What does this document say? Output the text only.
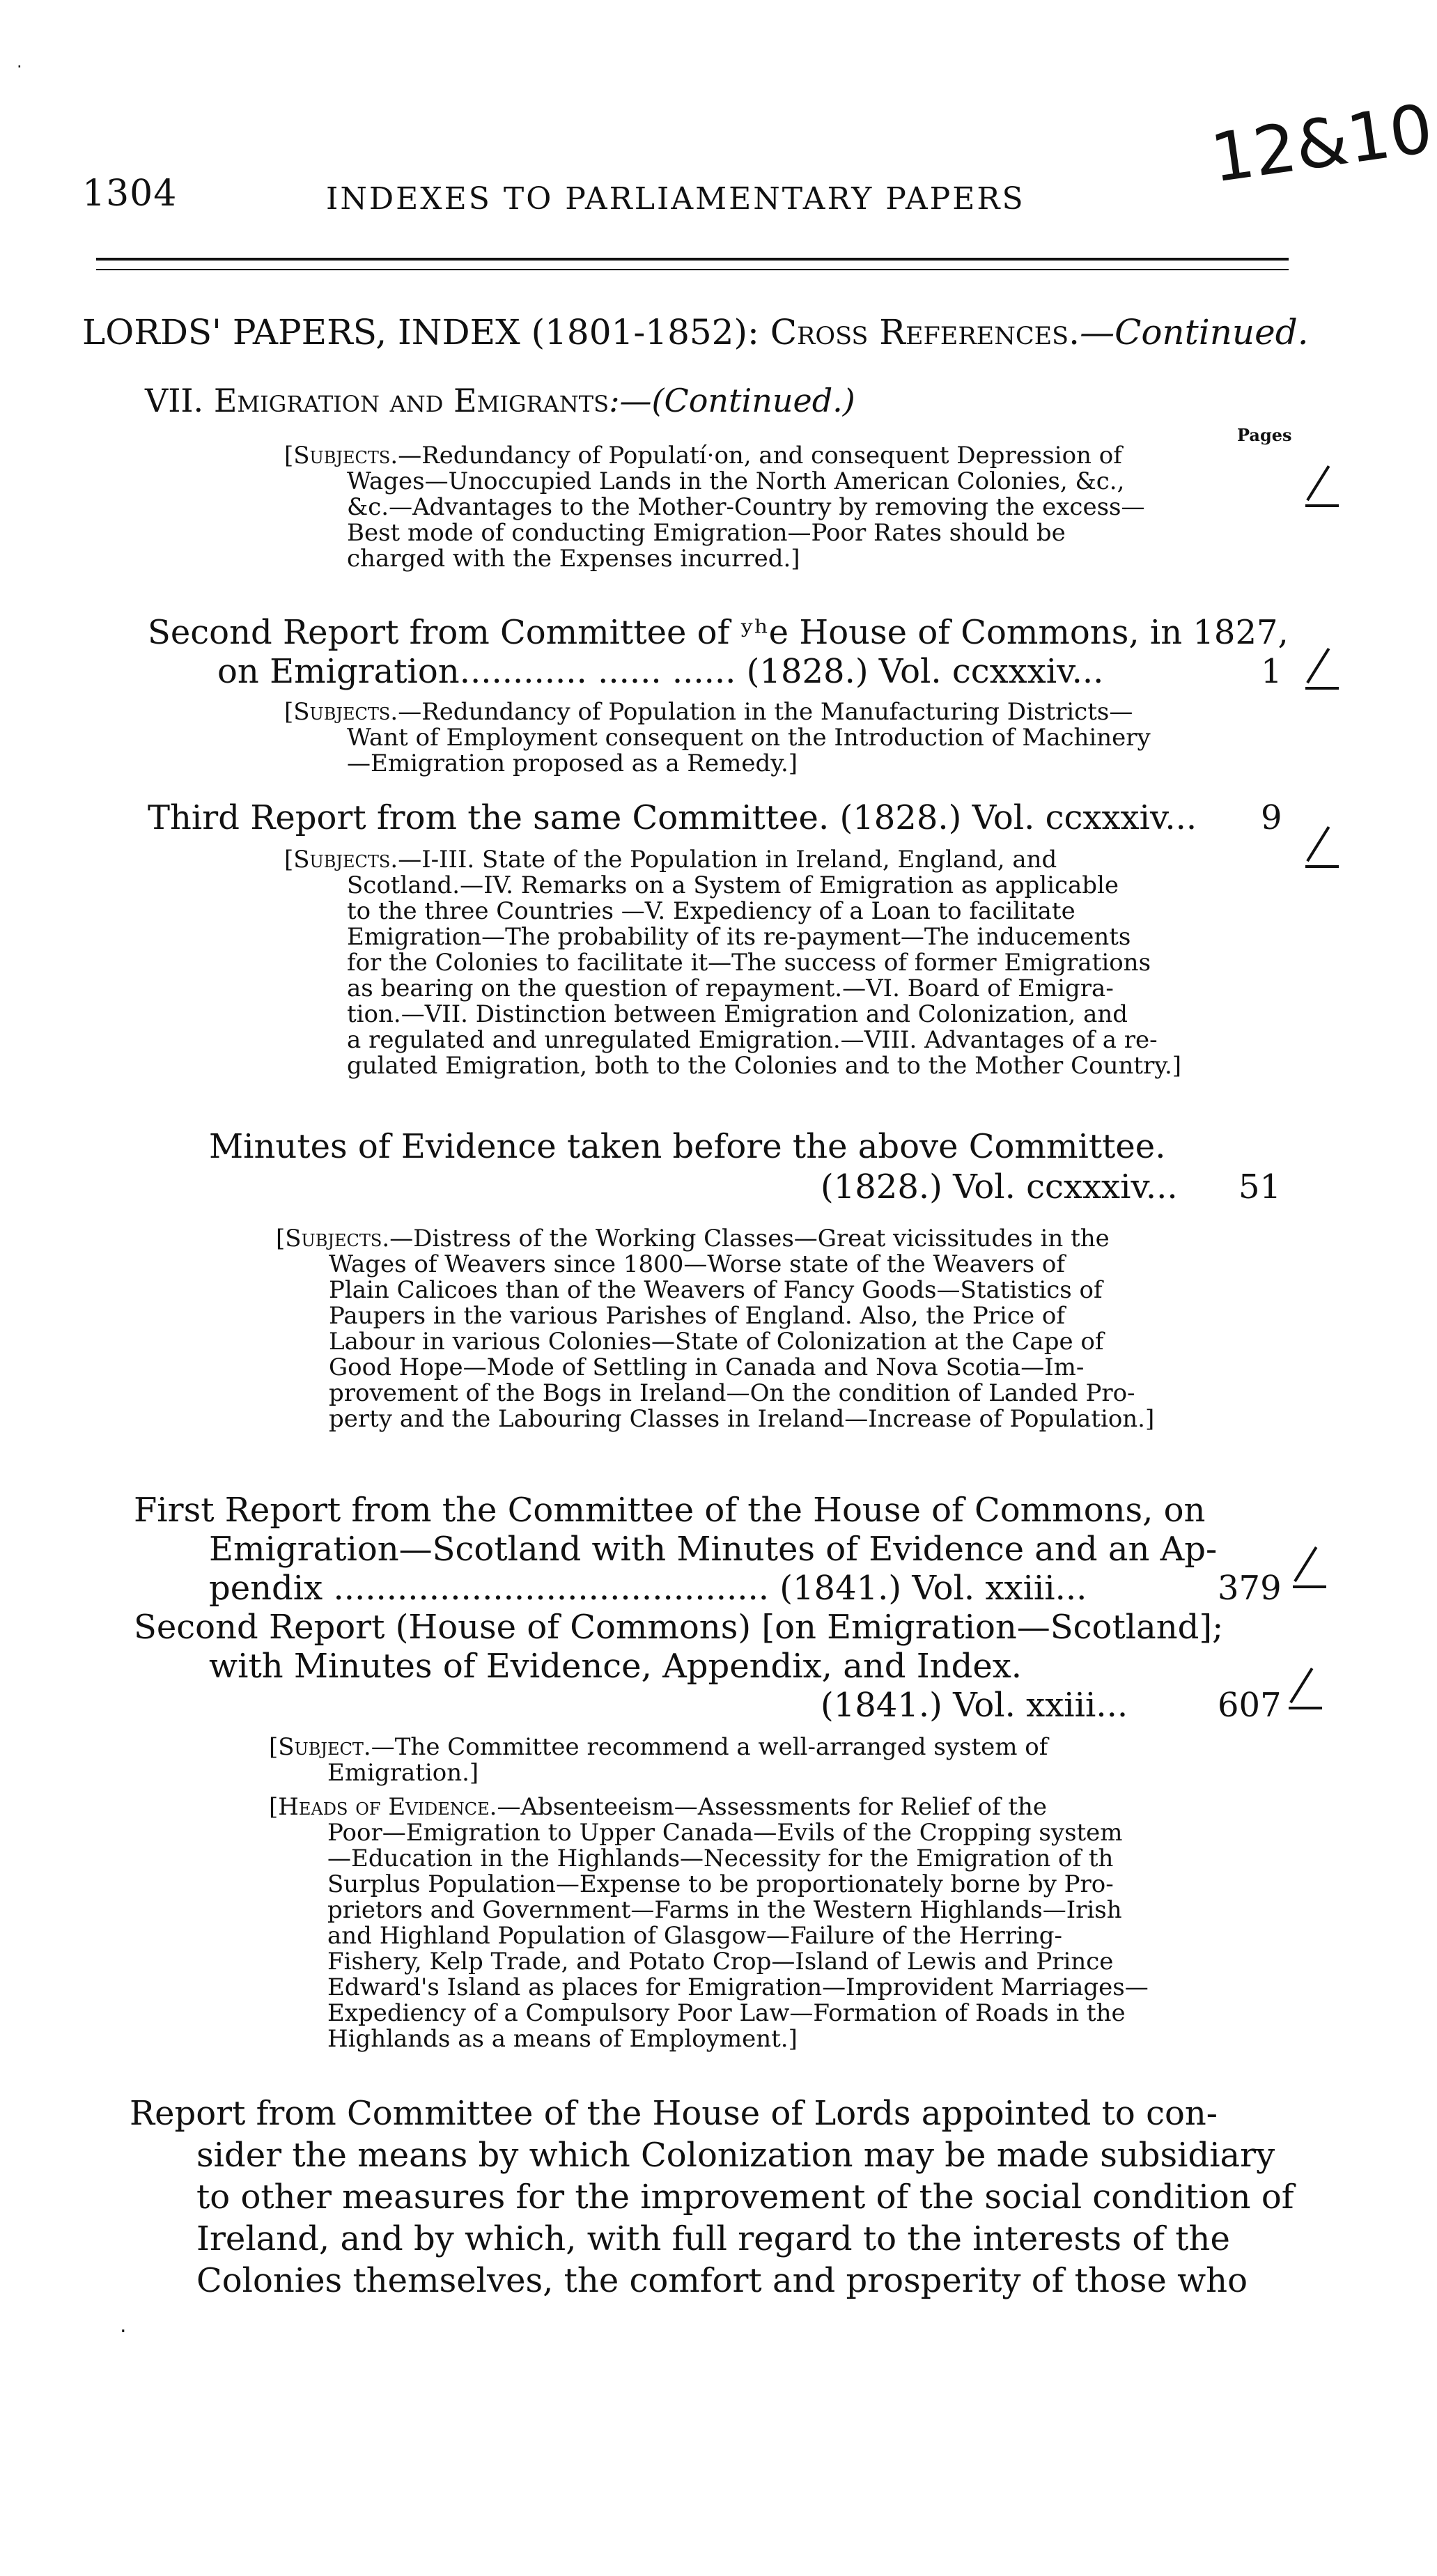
‧
1304	INDEXES TO PARLIAMENTARY PAPERS
12&10
LORDS' PAPERS, INDEX (1801-1852): Cross References.—Continued.
VII. Emigration and Emigrants:—(Continued.)
Pages
[Subjects.—Redundancy of Populatí·on, and consequent Depression of
Wages—Unoccupied Lands in the North American Colonies, &c.,
&c.—Advantages to the Mother-Country by removing the excess—
Best mode of conducting Emigration—Poor Rates should be
charged with the Expenses incurred.]
Second Report from Committee of ʸʰe House of Commons, in 1827,
on Emigration............ ...... ...... (1828.) Vol. ccxxxiv...	1
[Subjects.—Redundancy of Population in the Manufacturing Districts—
Want of Employment consequent on the Introduction of Machinery
—Emigration proposed as a Remedy.]
Third Report from the same Committee. (1828.) Vol. ccxxxiv... 9
[Subjects.—I-III. State of the Population in Ireland, England, and
Scotland.—IV. Remarks on a System of Emigration as applicable
to the three Countries —V. Expediency of a Loan to facilitate
Emigration—The probability of its re-payment—The inducements
for the Colonies to facilitate it—The success of former Emigrations
as bearing on the question of repayment.—VI. Board of Emigra-
tion.—VII. Distinction between Emigration and Colonization, and
a regulated and unregulated Emigration.—VIII. Advantages of a re-
gulated Emigration, both to the Colonies and to the Mother Country.]
Minutes of Evidence taken before the above Committee.
(1828.) Vol. ccxxxiv... 51
[Subjects.—Distress of the Working Classes—Great vicissitudes in the
Wages of Weavers since 1800—Worse state of the Weavers of
Plain Calicoes than of the Weavers of Fancy Goods—Statistics of
Paupers in the various Parishes of England. Also, the Price of
Labour in various Colonies—State of Colonization at the Cape of
Good Hope—Mode of Settling in Canada and Nova Scotia—Im-
provement of the Bogs in Ireland—On the condition of Landed Pro-
perty and the Labouring Classes in Ireland—Increase of Population.]
First Report from the Committee of the House of Commons, on
Emigration—Scotland with Minutes of Evidence and an Ap-
pendix ......................................... (1841.) Vol. xxiii...	379
Second Report (House of Commons) [on Emigration—Scotland];
with Minutes of Evidence, Appendix, and Index.
(1841.) Vol. xxiii...	607
[Subject.—The Committee recommend a well-arranged system of
Emigration.]
[Heads of Evidence.—Absenteeism—Assessments for Relief of the
Poor—Emigration to Upper Canada—Evils of the Cropping system
—Education in the Highlands—Necessity for the Emigration of th
Surplus Population—Expense to be proportionately borne by Pro-
prietors and Government—Farms in the Western Highlands—Irish
and Highland Population of Glasgow—Failure of the Herring-
Fishery, Kelp Trade, and Potato Crop—Island of Lewis and Prince
Edward's Island as places for Emigration—Improvident Marriages—
Expediency of a Compulsory Poor Law—Formation of Roads in the
Highlands as a means of Employment.]
Report from Committee of the House of Lords appointed to con-
sider the means by which Colonization may be made subsidiary
to other measures for the improvement of the social condition of
Ireland, and by which, with full regard to the interests of the
Colonies themselves, the comfort and prosperity of those who
‧
